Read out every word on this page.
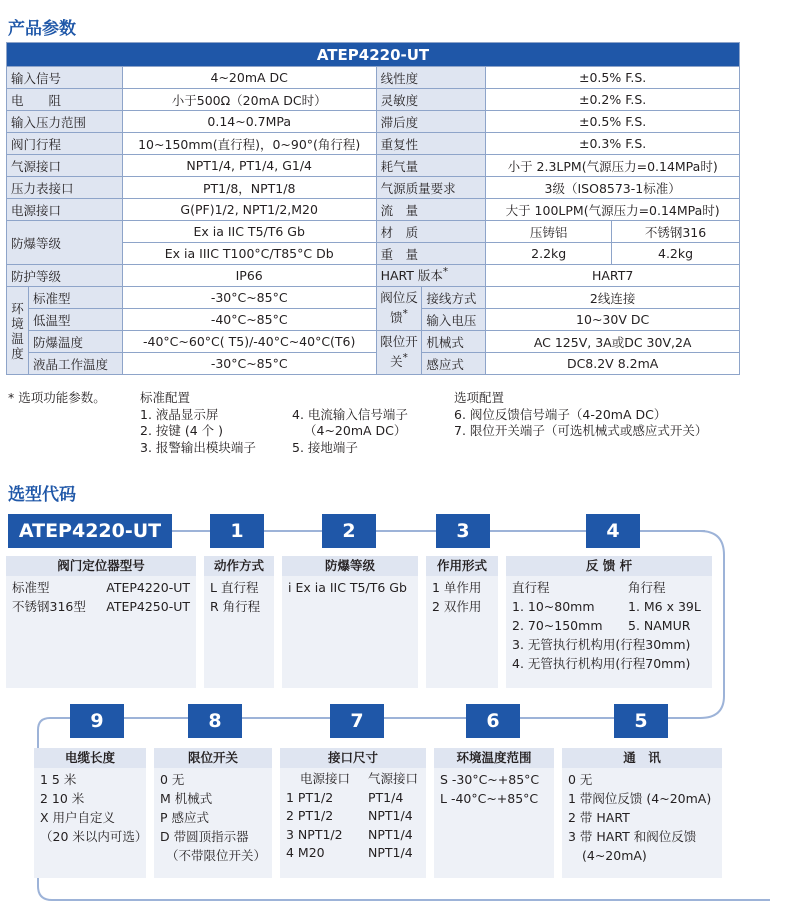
产品参数
ATEP4220-UT						
输入信号		4~20mA DC	线性度		±0.5% F.S.	
电　　阻		小于500Ω（20mA DC时）	灵敏度		±0.2% F.S.	
输入压力范围		0.14~0.7MPa	滞后度		±0.5% F.S.	
阀门行程		10~150mm(直行程)，0~90°(角行程)	重复性		±0.3% F.S.	
气源接口		NPT1/4, PT1/4, G1/4	耗气量		小于 2.3LPM(气源压力=0.14MPa时)	
压力表接口		PT1/8，NPT1/8	气源质量要求		3级（ISO8573-1标准）	
电源接口		G(PF)1/2, NPT1/2,M20	流　量		大于 100LPM(气源压力=0.14MPa时)	
防爆等级		Ex ia IIC T5/T6 Gb	材　质		压铸铝	不锈钢316
		Ex ia IIIC T100°C/T85°C Db	重　量		2.2kg	4.2kg
防护等级		IP66	HART 版本*		HART7	
环境温度	标准型	-30°C~85°C	阀位反馈*	接线方式	2线连接	
	低温型	-40°C~85°C		输入电压	10~30V DC	
	防爆温度	-40°C~60°C( T5)/-40°C~40°C(T6)	限位开关*	机械式	AC 125V, 3A或DC 30V,2A	
	液晶工作温度	-30°C~85°C		感应式	DC8.2V 8.2mA	
* 选项功能参数。	标准配置
1. 液晶显示屏
2. 按键 (4 个 )
3. 报警输出模块端子
4. 电流输入信号端子
（4~20mA DC）
5. 接地端子
选项配置
6. 阀位反馈信号端子（4-20mA DC）
7. 限位开关端子（可选机械式或感应式开关）
选型代码
ATEP4220-UT	1	2	3	4
阀门定位器型号
标准型	ATEP4220-UT
不锈钢316型	ATEP4250-UT
动作方式
L 直行程
R 角行程
防爆等级
i Ex ia IIC T5/T6 Gb
作用形式
1 单作用
2 双作用
反 馈 杆
直行程	角行程
1. 10~80mm	1. M6 x 39L
2. 70~150mm	5. NAMUR
3. 无管执行机构用(行程30mm)
4. 无管执行机构用(行程70mm)
9	8	7	6	5
电缆长度
1 5 米
2 10 米
X 用户自定义
（20 米以内可选）
限位开关
0 无
M 机械式
P 感应式
D 带圆顶指示器
（不带限位开关）
接口尺寸
电源接口	气源接口
1 PT1/2	PT1/4
2 PT1/2	NPT1/4
3 NPT1/2	NPT1/4
4 M20	NPT1/4
环境温度范围
S -30°C~+85°C
L -40°C~+85°C
通　讯
0 无
1 带阀位反馈 (4~20mA)
2 带 HART
3 带 HART 和阀位反馈
(4~20mA)
